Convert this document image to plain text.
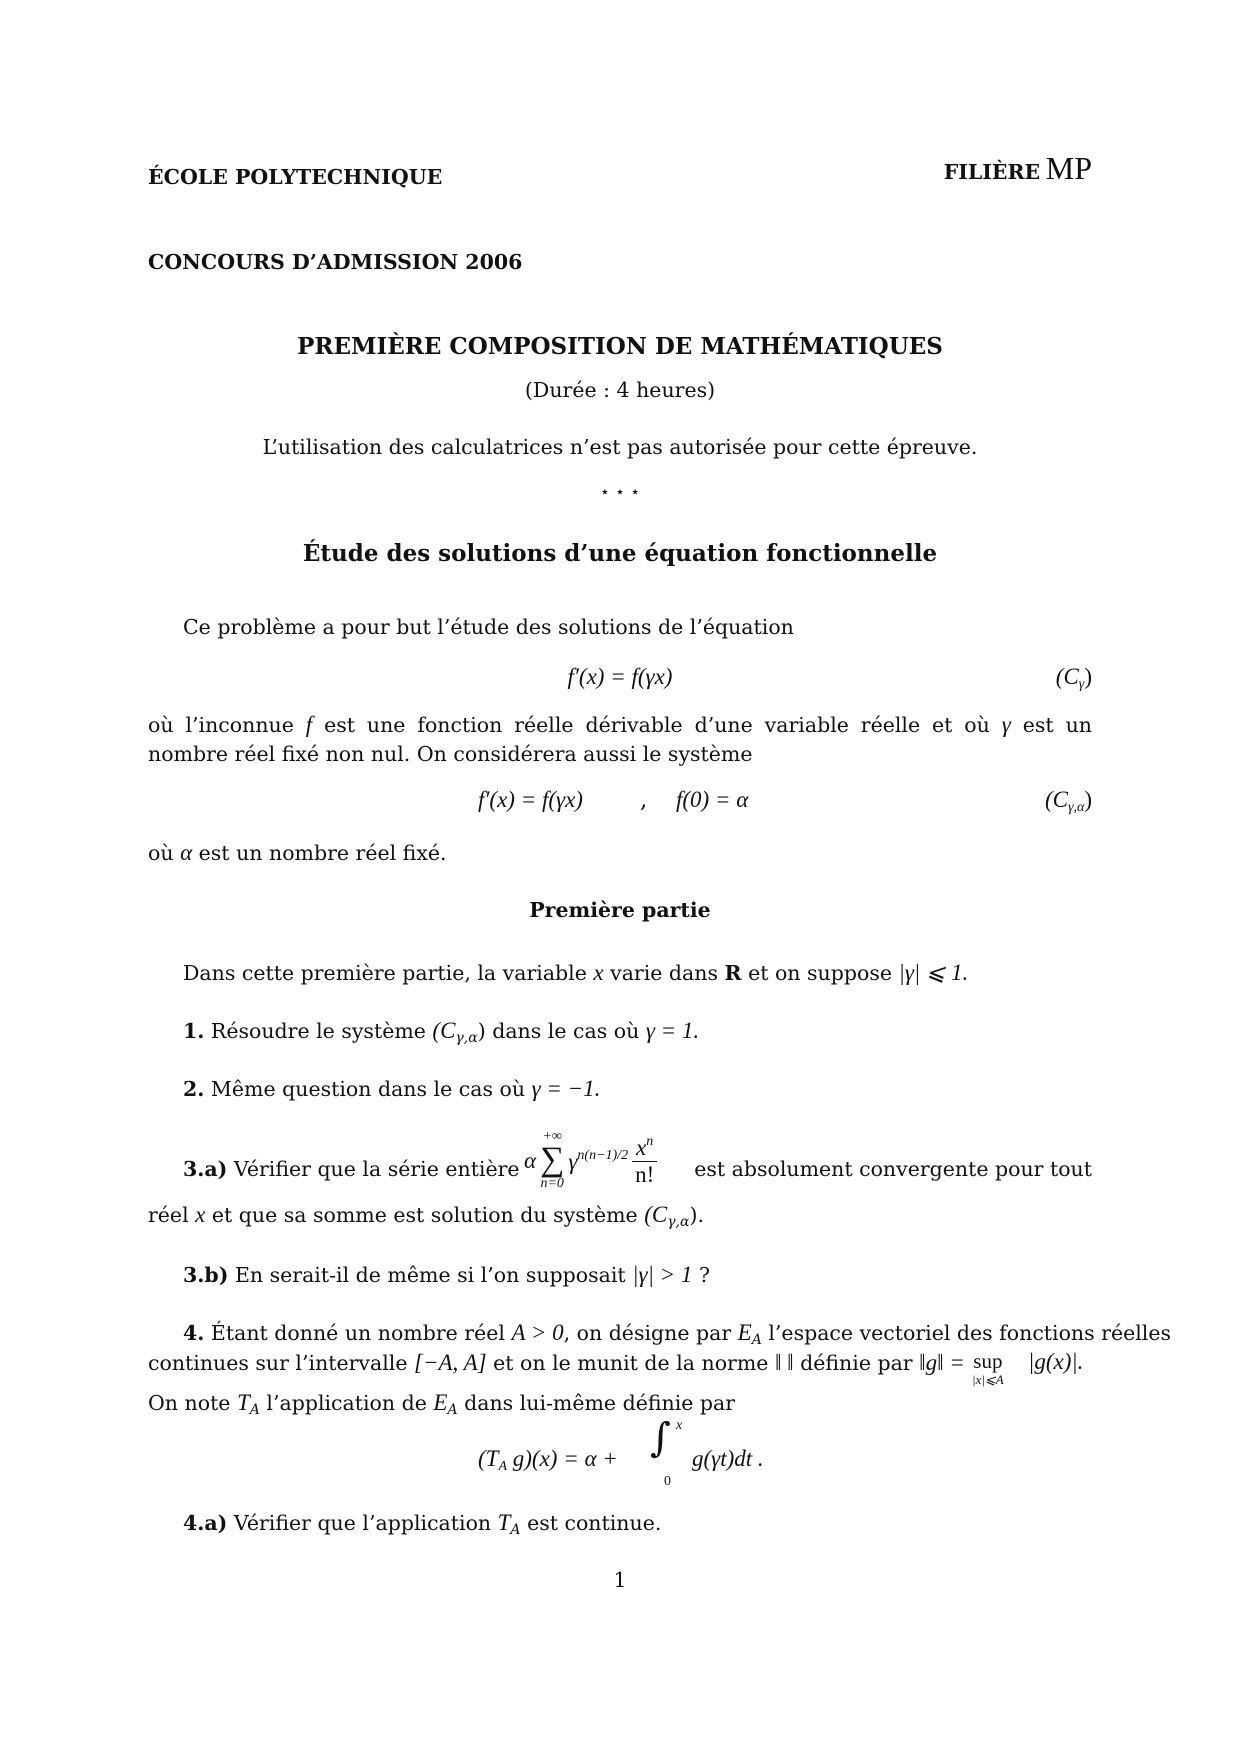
ÉCOLE POLYTECHNIQUE	FILIÈRE MP
CONCOURS D’ADMISSION 2006
PREMIÈRE COMPOSITION DE MATHÉMATIQUES
(Durée : 4 heures)
L’utilisation des calculatrices n’est pas autorisée pour cette épreuve.
⋆ ⋆ ⋆
Étude des solutions d’une équation fonctionnelle
Ce problème a pour but l’étude des solutions de l’équation
f′(x) = f(γx)	$(C_\gamma)$
où l’inconnue f est une fonction réelle dérivable d’une variable réelle et où γ est un nombre réel fixé non nul. On considérera aussi le système
f′(x) = f(γx) , f(0) = α	$(C_{\gamma,\alpha})$
où α est un nombre réel fixé.
Première partie
Dans cette première partie, la variable x varie dans R et on suppose |γ| ⩽ 1.
1. Résoudre le système $(C_{\gamma,\alpha})$ dans le cas où γ = 1.
2. Même question dans le cas où γ = −1.
3.a) Vérifier que la série entière α
+∞
∑
n=0
$\gamma^{n(n-1)/2} \frac{x^n}{n!}$ est absolument convergente pour tout
réel x et que sa somme est solution du système $(C_{\gamma,\alpha})$.
3.b) En serait-il de même si l’on supposait |γ| > 1 ?
4. Étant donné un nombre réel A > 0, on désigne par $E_A$ l’espace vectoriel des fonctions réelles
continues sur l’intervalle [−A, A] et on le munit de la norme ‖ ‖ définie par ‖g‖ = sup
|x|⩽A
|g(x)|.
On note $T_A$ l’application de $E_A$ dans lui-même définie par
($T_A$ g)(x) = α + ∫ x
0
g(γt)dt .
4.a) Vérifier que l’application $T_A$ est continue.
1
